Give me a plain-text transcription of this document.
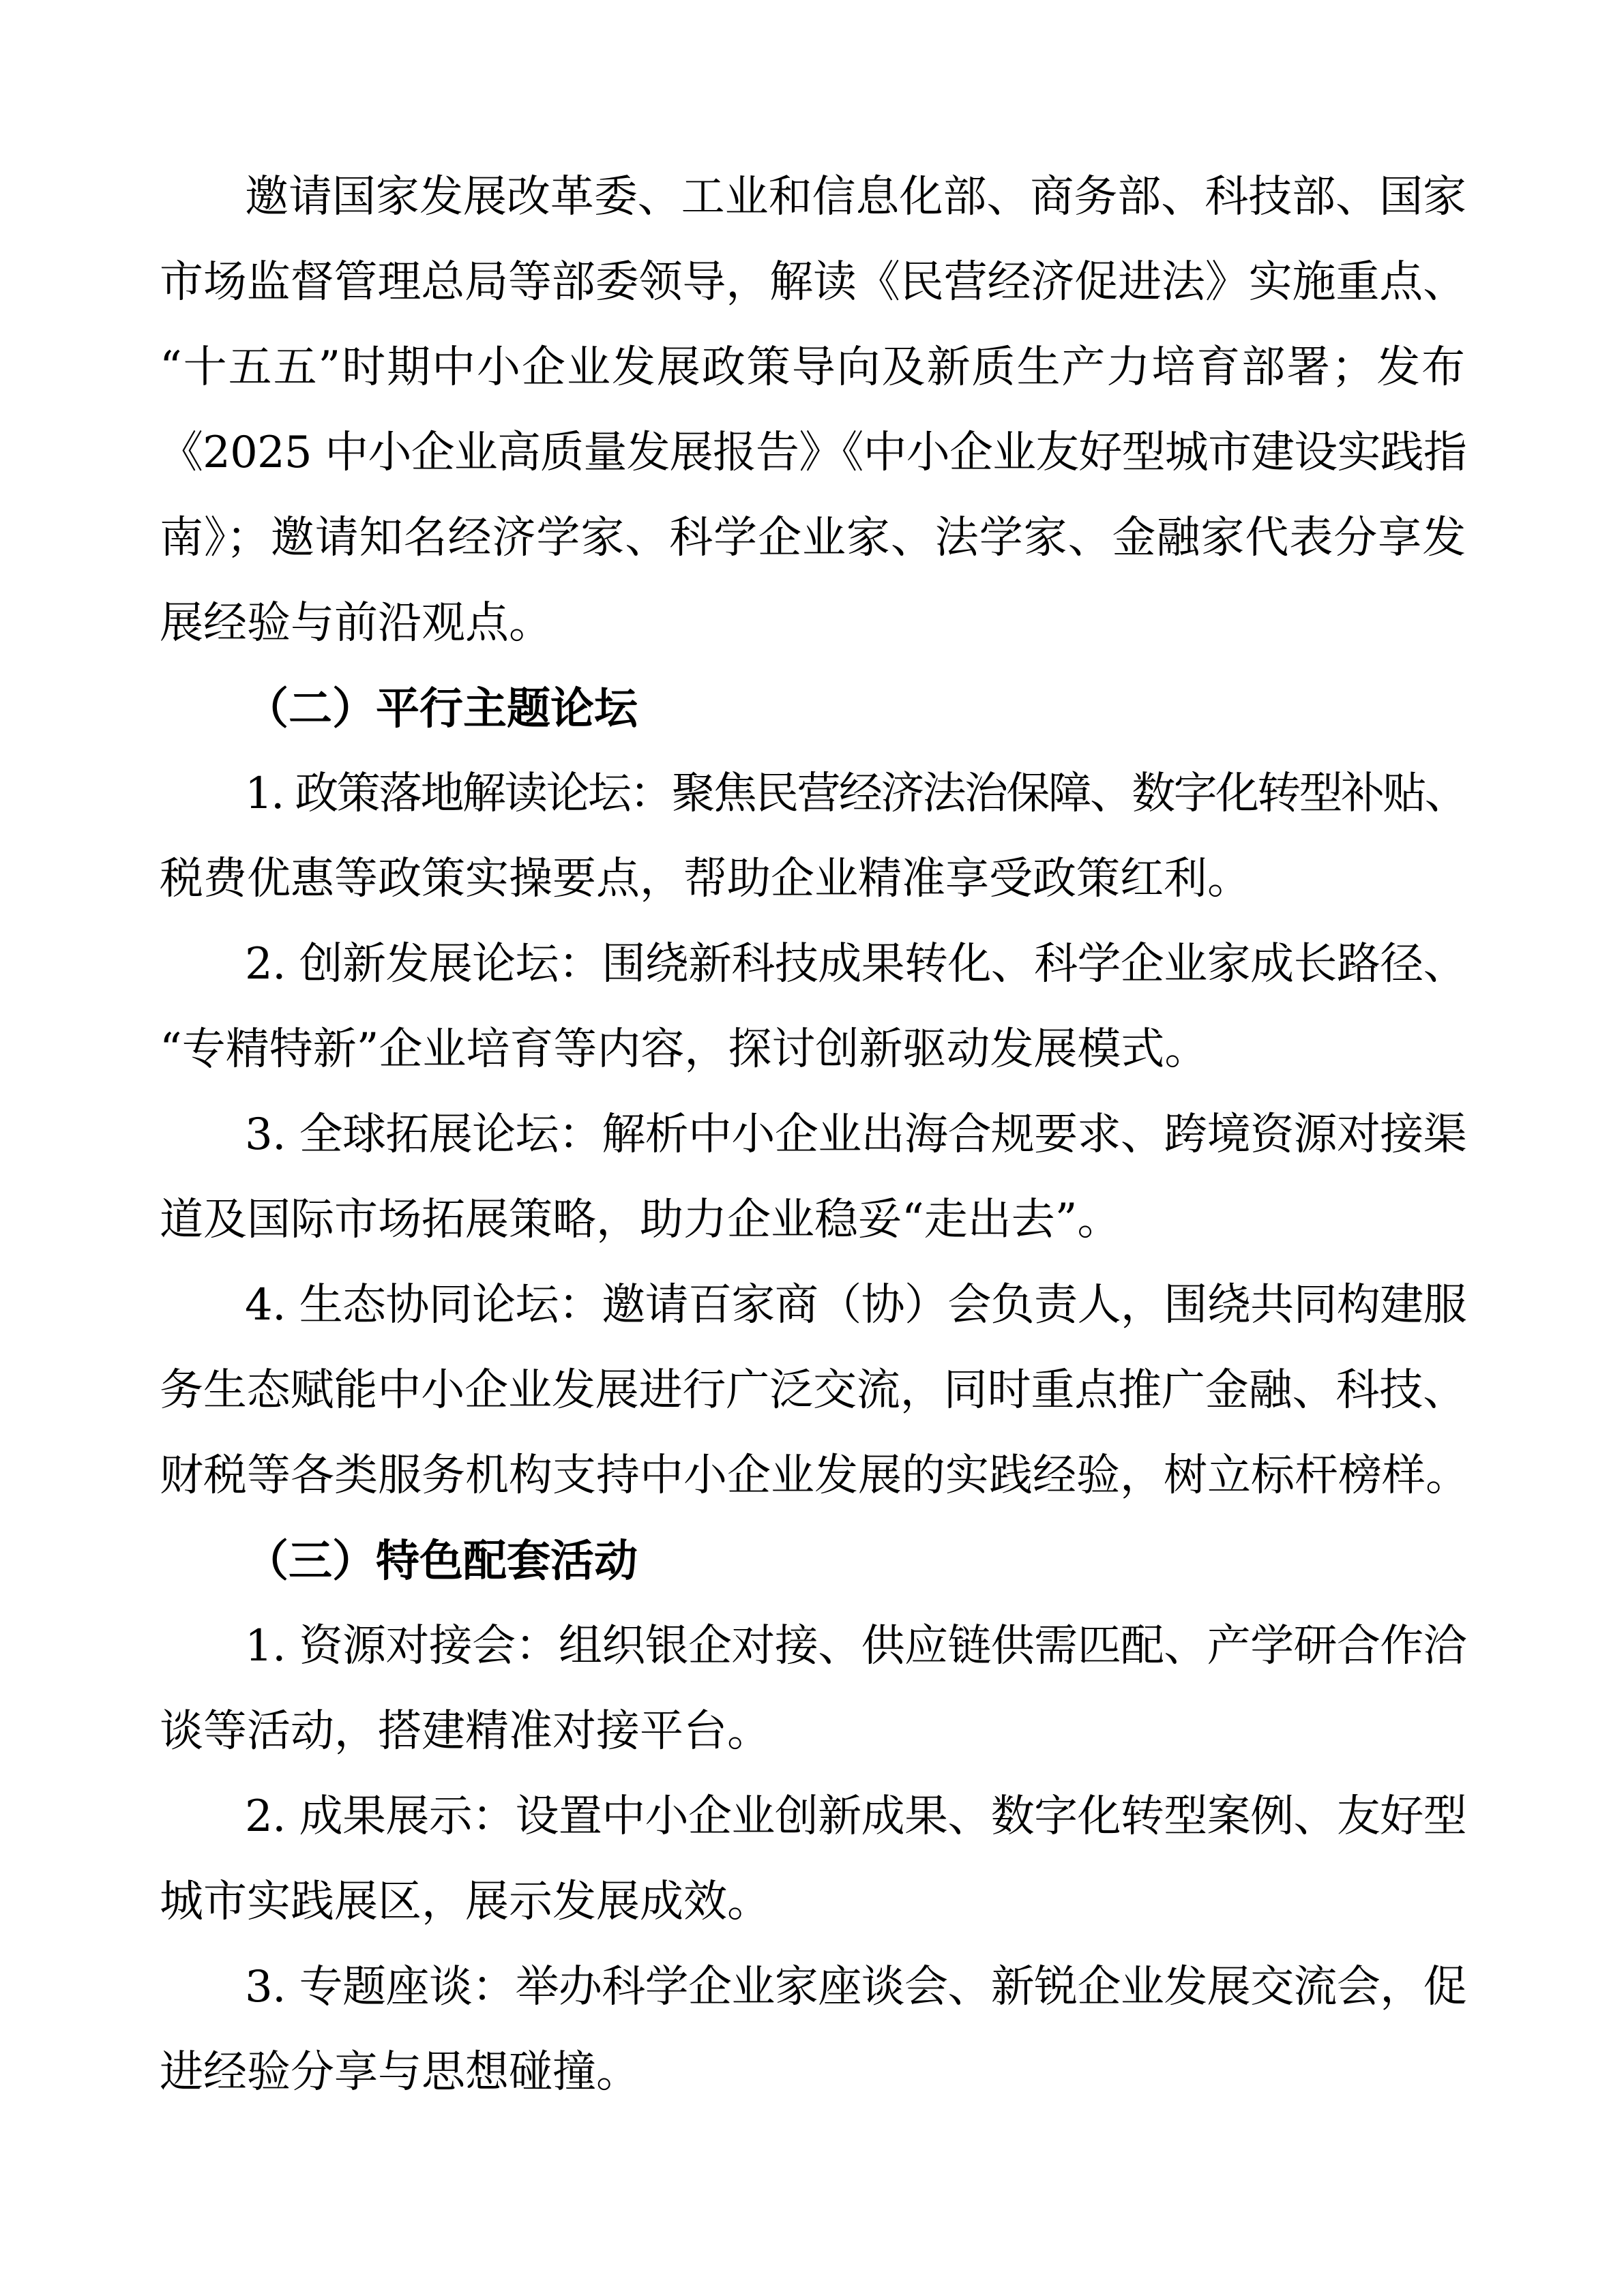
邀请国家发展改革委、工业和信息化部、商务部、科技部、国家
市场监督管理总局等部委领导，解读《民营经济促进法》实施重点、
“十五五”时期中小企业发展政策导向及新质生产力培育部署；发布
《2025 中小企业高质量发展报告》《中小企业友好型城市建设实践指
南》；邀请知名经济学家、科学企业家、法学家、金融家代表分享发
展经验与前沿观点。
（二）平行主题论坛
1. 政策落地解读论坛：聚焦民营经济法治保障、数字化转型补贴、
税费优惠等政策实操要点，帮助企业精准享受政策红利。
2. 创新发展论坛：围绕新科技成果转化、科学企业家成长路径、
“专精特新”企业培育等内容，探讨创新驱动发展模式。
3. 全球拓展论坛：解析中小企业出海合规要求、跨境资源对接渠
道及国际市场拓展策略，助力企业稳妥“走出去”。
4. 生态协同论坛：邀请百家商（协）会负责人，围绕共同构建服
务生态赋能中小企业发展进行广泛交流，同时重点推广金融、科技、
财税等各类服务机构支持中小企业发展的实践经验，树立标杆榜样。
（三）特色配套活动
1. 资源对接会：组织银企对接、供应链供需匹配、产学研合作洽
谈等活动，搭建精准对接平台。
2. 成果展示：设置中小企业创新成果、数字化转型案例、友好型
城市实践展区，展示发展成效。
3. 专题座谈：举办科学企业家座谈会、新锐企业发展交流会，促
进经验分享与思想碰撞。
